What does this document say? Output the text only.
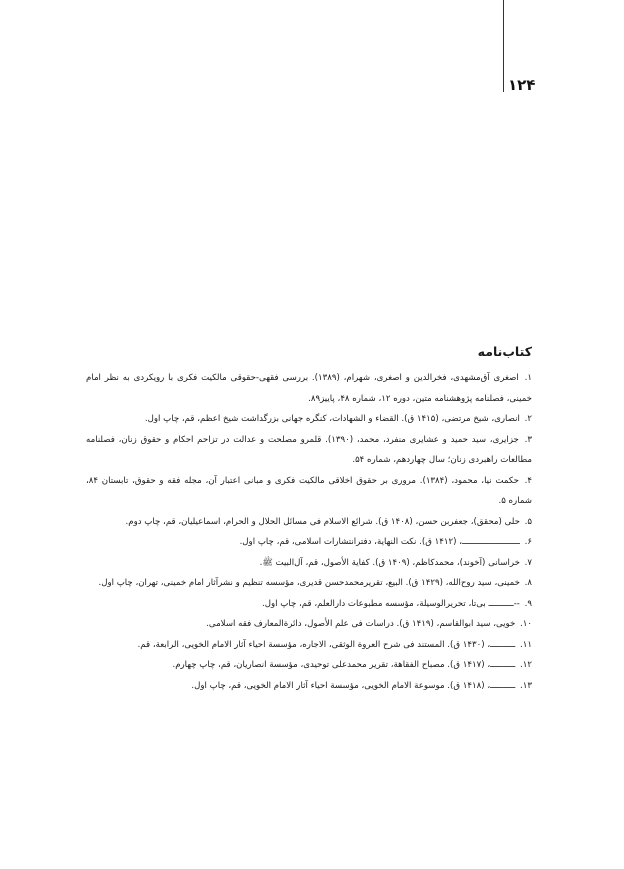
۱۲۴
کتاب‌نامه
۱. اصغری آق‌مشهدی، فخرالدین و اصغری، شهرام، (۱۳۸۹). بررسی فقهی-حقوقی مالکیت فکری با رویکردی به نظر امام خمینی، فصلنامه پژوهشنامه متین، دوره ۱۲، شماره ۴۸، پاییز۸۹.
۲. انصاری، شیخ مرتضی، (۱۴۱۵ ق). القضاء و الشهادات، کنگره جهانی بزرگداشت شیخ اعظم، قم، چاپ اول.
۳. جزایری، سید حمید و عشایری منفرد، محمد، (۱۳۹۰). قلمرو مصلحت و عدالت در تزاحم احکام و حقوق زنان، فصلنامه مطالعات راهبردی زنان؛ سال چهاردهم، شماره ۵۴.
۴. حکمت نیا، محمود، (۱۳۸۴). مروری بر حقوق اخلاقی مالکیت فکری و مبانی اعتبار آن، مجله فقه و حقوق، تابستان ۸۴، شماره ۵.
۵. حلی (محقق)، جعفربن حسن، (۱۴۰۸ ق). شرائع الاسلام فی مسائل الحلال و الحرام، اسماعیلیان، قم، چاپ دوم.
۶. ـــــــــــــــــــــــ، (۱۴۱۲ ق). نکت النهایة، دفترانتشارات اسلامی، قم، چاپ اول.
۷. خراسانی (آخوند)، محمدکاظم، (۱۴۰۹ ق). کفایة الأصول، قم، آل‌البیت ﷺ.
۸. خمینی، سید روح‌الله، (۱۴۲۹ ق). البیع، تقریرمحمدحسن قدیری، مؤسسه تنظیم و نشرآثار امام خمینی، تهران، چاپ اول.
۹. --ــــــــــ بی‌تا، تحریرالوسیلة، مؤسسه مطبوعات دارالعلم، قم، چاپ اول.
۱۰. خویی، سید ابوالقاسم، (۱۴۱۹ ق). دراسات فی علم الأصول، دائرةالمعارف فقه اسلامی.
۱۱. ــــــــــ، (۱۴۳۰ ق). المستند فی شرح العروة الوثقی، الاجاره، مؤسسة احیاء آثار الامام الخویی، الرابعة، قم.
۱۲. ــــــــــ، (۱۴۱۷ ق). مصباح الفقاهة، تقریر محمدعلی توحیدی، مؤسسة انصاریان، قم، چاپ چهارم.
۱۳. ــــــــــ، (۱۴۱۸ ق). موسوعة الامام الخویی، مؤسسة احیاء آثار الامام الخویی، قم، چاپ اول.
